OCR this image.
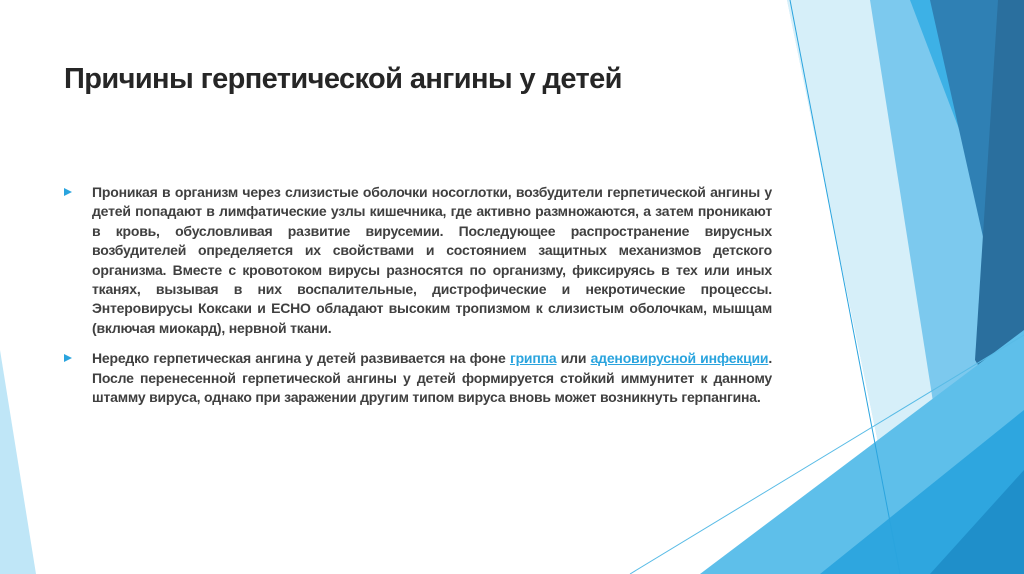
Причины герпетической ангины у детей

Проникая в организм через слизистые оболочки носоглотки, возбудители герпетической ангины у детей попадают в лимфатические узлы кишечника, где активно размножаются, а затем проникают в кровь, обусловливая развитие вирусемии. Последующее распространение вирусных возбудителей определяется их свойствами и состоянием защитных механизмов детского организма. Вместе с кровотоком вирусы разносятся по организму, фиксируясь в тех или иных тканях, вызывая в них воспалительные, дистрофические и некротические процессы. Энтеровирусы Коксаки и ECHO обладают высоким тропизмом к слизистым оболочкам, мышцам (включая миокард), нервной ткани.

Нередко герпетическая ангина у детей развивается на фоне гриппа или аденовирусной инфекции. После перенесенной герпетической ангины у детей формируется стойкий иммунитет к данному штамму вируса, однако при заражении другим типом вируса вновь может возникнуть герпангина.
